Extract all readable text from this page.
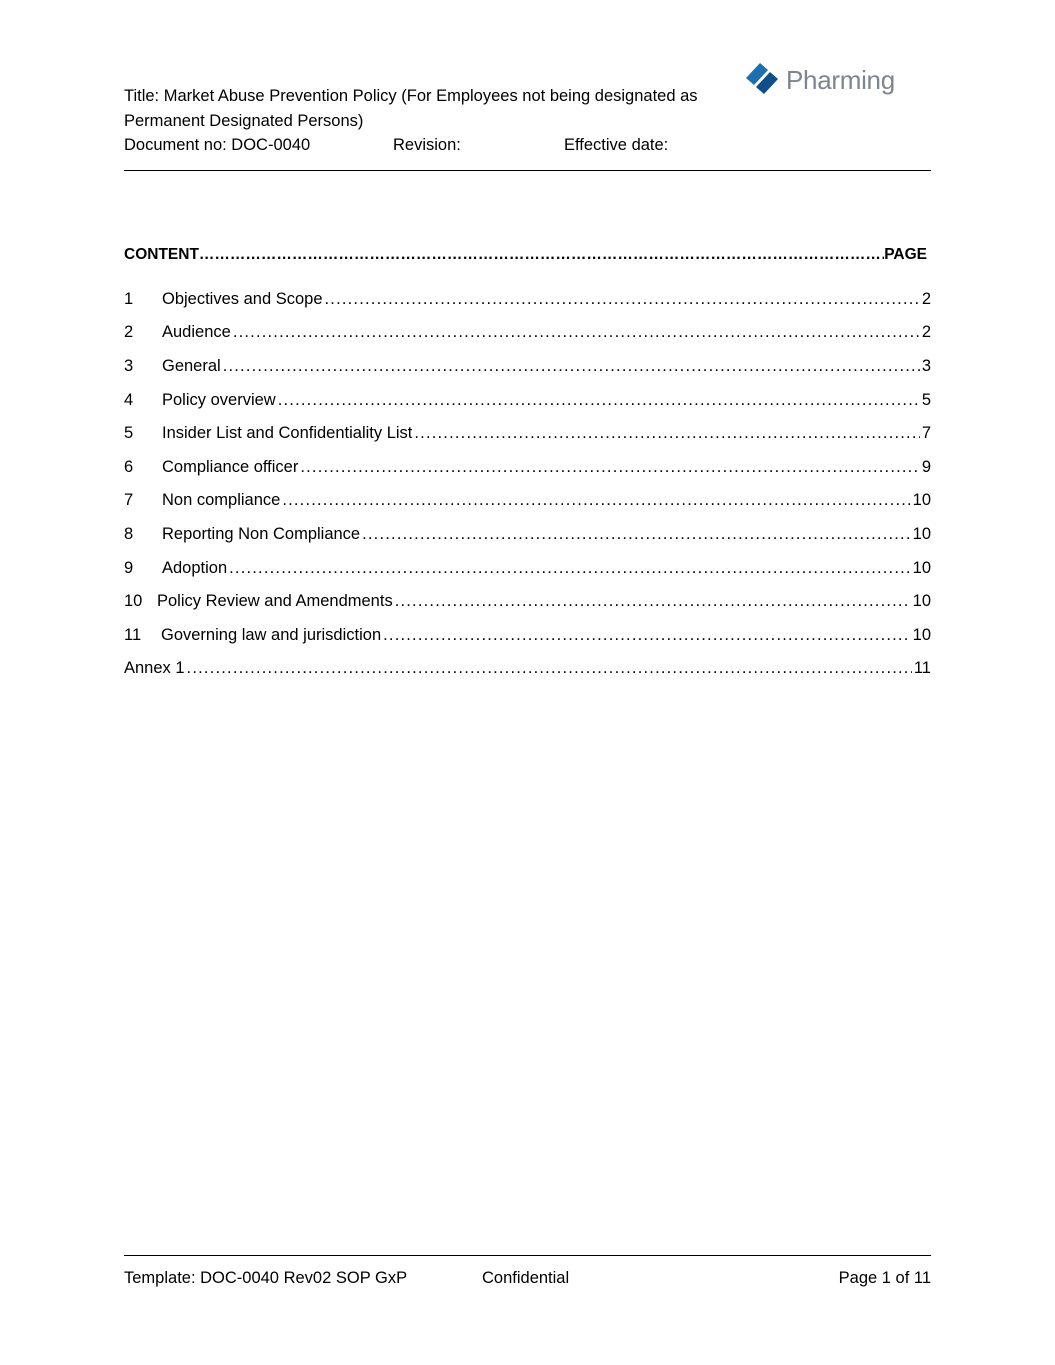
Title: Market Abuse Prevention Policy (For Employees not being designated as Permanent Designated Persons)
Document no: DOC-0040	Revision:	Effective date:
Pharming
CONTENT ……………………………………………………………………………………………………………………………………………………………………………………………………	PAGE
1	Objectives and Scope .....	2
2	Audience .....	2
3	General .....	3
4	Policy overview .....	5
5	Insider List and Confidentiality List .....	7
6	Compliance officer .....	9
7	Non compliance .....	10
8	Reporting Non Compliance .....	10
9	Adoption .....	10
10 Policy Review and Amendments .....	10
11	Governing law and jurisdiction .....	10
Annex 1 .....	11
Template: DOC-0040 Rev02 SOP GxP	Confidential	Page 1 of 11
